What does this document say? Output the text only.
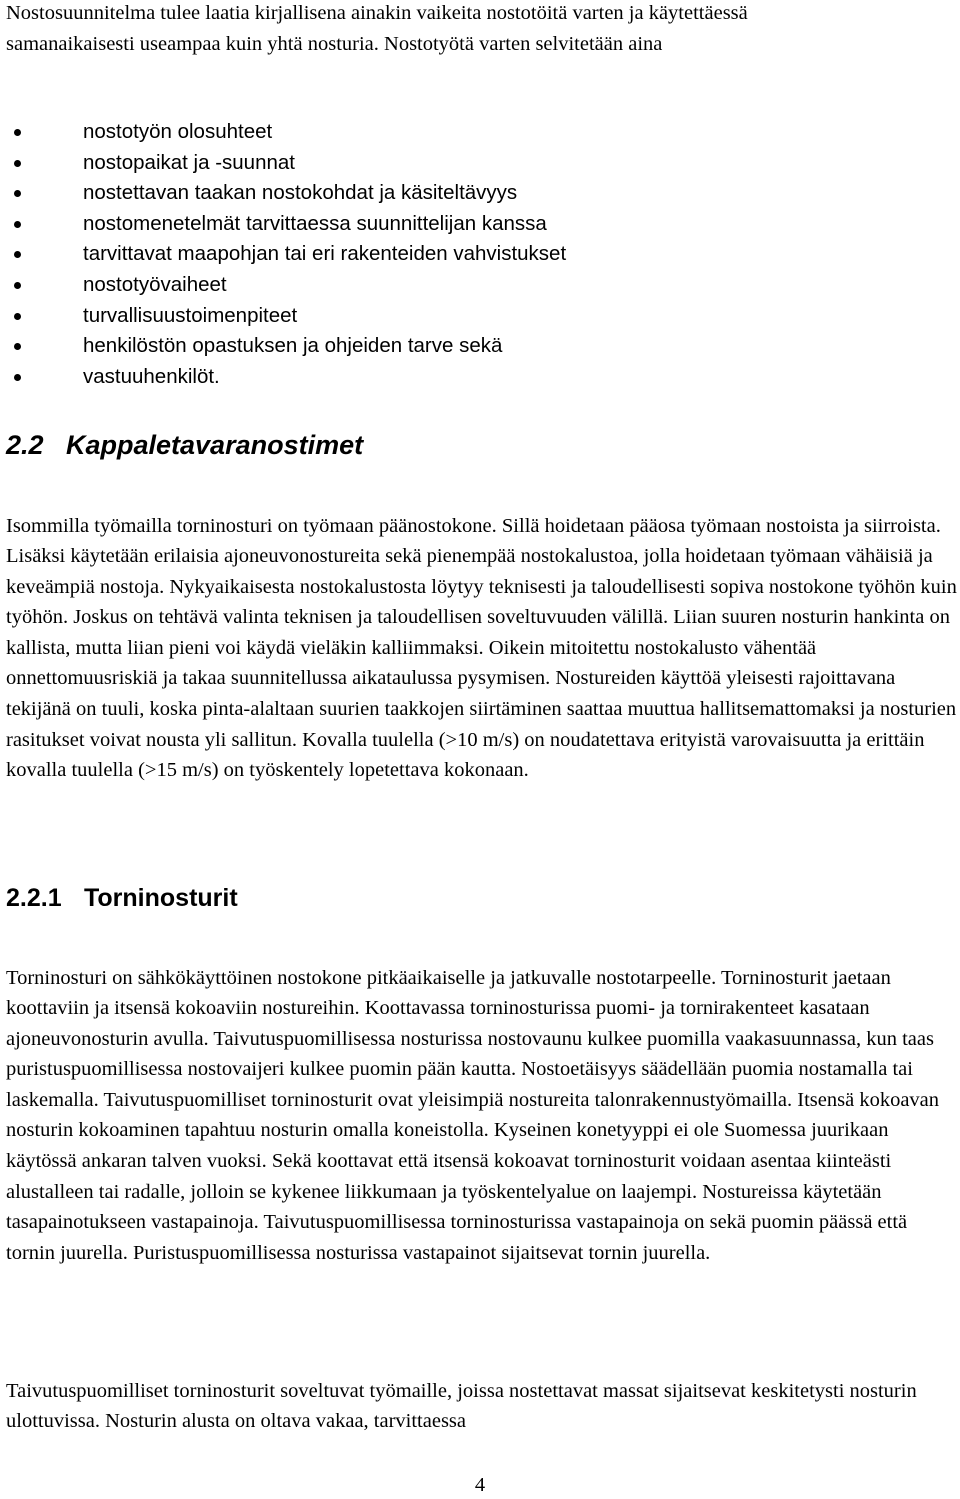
Nostosuunnitelma tulee laatia kirjallisena ainakin vaikeita nostotöitä varten ja käytettäessä samanaikaisesti useampaa kuin yhtä nosturia. Nostotyötä varten selvitetään aina

nostotyön olosuhteet
nostopaikat ja -suunnat
nostettavan taakan nostokohdat ja käsiteltävyys
nostomenetelmät tarvittaessa suunnittelijan kanssa
tarvittavat maapohjan tai eri rakenteiden vahvistukset
nostotyövaiheet
turvallisuustoimenpiteet
henkilöstön opastuksen ja ohjeiden tarve sekä
vastuuhenkilöt.
2.2 Kappaletavaranostimet

Isommilla työmailla torninosturi on työmaan päänostokone. Sillä hoidetaan pääosa työmaan nostoista ja siirroista. Lisäksi käytetään erilaisia ajoneuvonostureita sekä pienempää nostokalustoa, jolla hoidetaan työmaan vähäisiä ja keveämpiä nostoja. Nykyaikaisesta nostokalustosta löytyy teknisesti ja taloudellisesti sopiva nostokone työhön kuin työhön. Joskus on tehtävä valinta teknisen ja taloudellisen soveltuvuuden välillä. Liian suuren nosturin hankinta on kallista, mutta liian pieni voi käydä vieläkin kalliimmaksi. Oikein mitoitettu nostokalusto vähentää onnettomuusriskiä ja takaa suunnitellussa aikataulussa pysymisen. Nostureiden käyttöä yleisesti rajoittavana tekijänä on tuuli, koska pinta-alaltaan suurien taakkojen siirtäminen saattaa muuttua hallitsemattomaksi ja nosturien rasitukset voivat nousta yli sallitun. Kovalla tuulella (>10 m/s) on noudatettava erityistä varovaisuutta ja erittäin kovalla tuulella (>15 m/s) on työskentely lopetettava kokonaan.

2.2.1 Torninosturit

Torninosturi on sähkökäyttöinen nostokone pitkäaikaiselle ja jatkuvalle nostotarpeelle. Torninosturit jaetaan koottaviin ja itsensä kokoaviin nostureihin. Koottavassa torninosturissa puomi- ja tornirakenteet kasataan ajoneuvonosturin avulla. Taivutuspuomillisessa nosturissa nostovaunu kulkee puomilla vaakasuunnassa, kun taas puristuspuomillisessa nostovaijeri kulkee puomin pään kautta. Nostoetäisyys säädellään puomia nostamalla tai laskemalla. Taivutuspuomilliset torninosturit ovat yleisimpiä nostureita talonrakennustyömailla. Itsensä kokoavan nosturin kokoaminen tapahtuu nosturin omalla koneistolla. Kyseinen konetyyppi ei ole Suomessa juurikaan käytössä ankaran talven vuoksi. Sekä koottavat että itsensä kokoavat torninosturit voidaan asentaa kiinteästi alustalleen tai radalle, jolloin se kykenee liikkumaan ja työskentelyalue on laajempi. Nostureissa käytetään tasapainotukseen vastapainoja. Taivutuspuomillisessa torninosturissa vastapainoja on sekä puomin päässä että tornin juurella. Puristuspuomillisessa nosturissa vastapainot sijaitsevat tornin juurella.

Taivutuspuomilliset torninosturit soveltuvat työmaille, joissa nostettavat massat sijaitsevat keskitetysti nosturin ulottuvissa. Nosturin alusta on oltava vakaa, tarvittaessa

4
